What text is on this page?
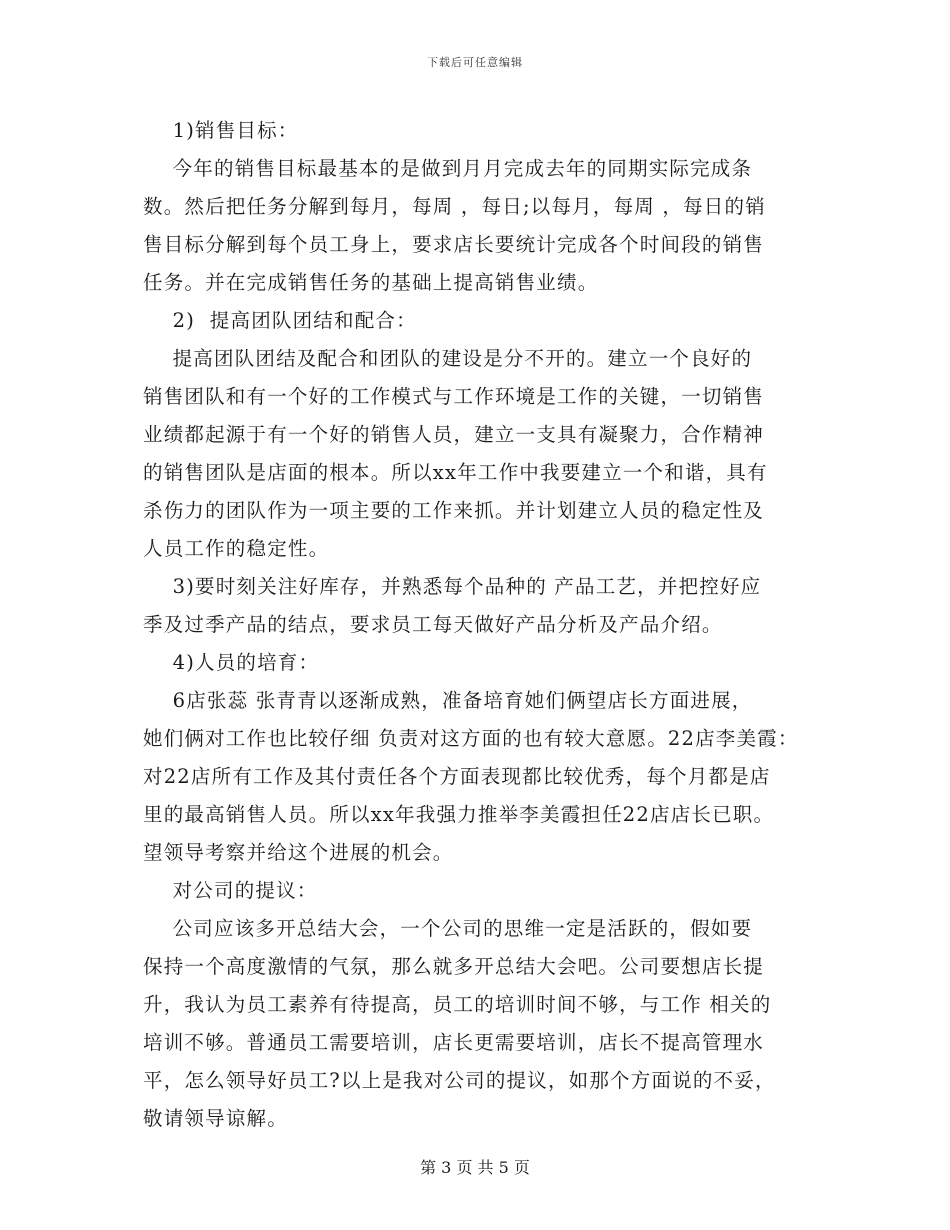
下载后可任意编辑
1)销售目标：
今年的销售目标最基本的是做到月月完成去年的同期实际完成条
数。然后把任务分解到每月，每周 ，每日;以每月，每周 ，每日的销
售目标分解到每个员工身上，要求店长要统计完成各个时间段的销售
任务。并在完成销售任务的基础上提高销售业绩。
2)  提高团队团结和配合：
提高团队团结及配合和团队的建设是分不开的。建立一个良好的
销售团队和有一个好的工作模式与工作环境是工作的关键，一切销售
业绩都起源于有一个好的销售人员，建立一支具有凝聚力，合作精神
的销售团队是店面的根本。所以xx年工作中我要建立一个和谐，具有
杀伤力的团队作为一项主要的工作来抓。并计划建立人员的稳定性及
人员工作的稳定性。
3)要时刻关注好库存，并熟悉每个品种的 产品工艺，并把控好应
季及过季产品的结点，要求员工每天做好产品分析及产品介绍。
4)人员的培育：
6店张蕊 张青青以逐渐成熟，准备培育她们俩望店长方面进展，
她们俩对工作也比较仔细 负责对这方面的也有较大意愿。22店李美霞：
对22店所有工作及其付责任各个方面表现都比较优秀，每个月都是店
里的最高销售人员。所以xx年我强力推举李美霞担任22店店长已职。
望领导考察并给这个进展的机会。
对公司的提议：
公司应该多开总结大会，一个公司的思维一定是活跃的，假如要
保持一个高度激情的气氛，那么就多开总结大会吧。公司要想店长提
升，我认为员工素养有待提高，员工的培训时间不够，与工作 相关的
培训不够。普通员工需要培训，店长更需要培训，店长不提高管理水
平，怎么领导好员工?以上是我对公司的提议，如那个方面说的不妥，
敬请领导谅解。
第 3 页 共 5 页
